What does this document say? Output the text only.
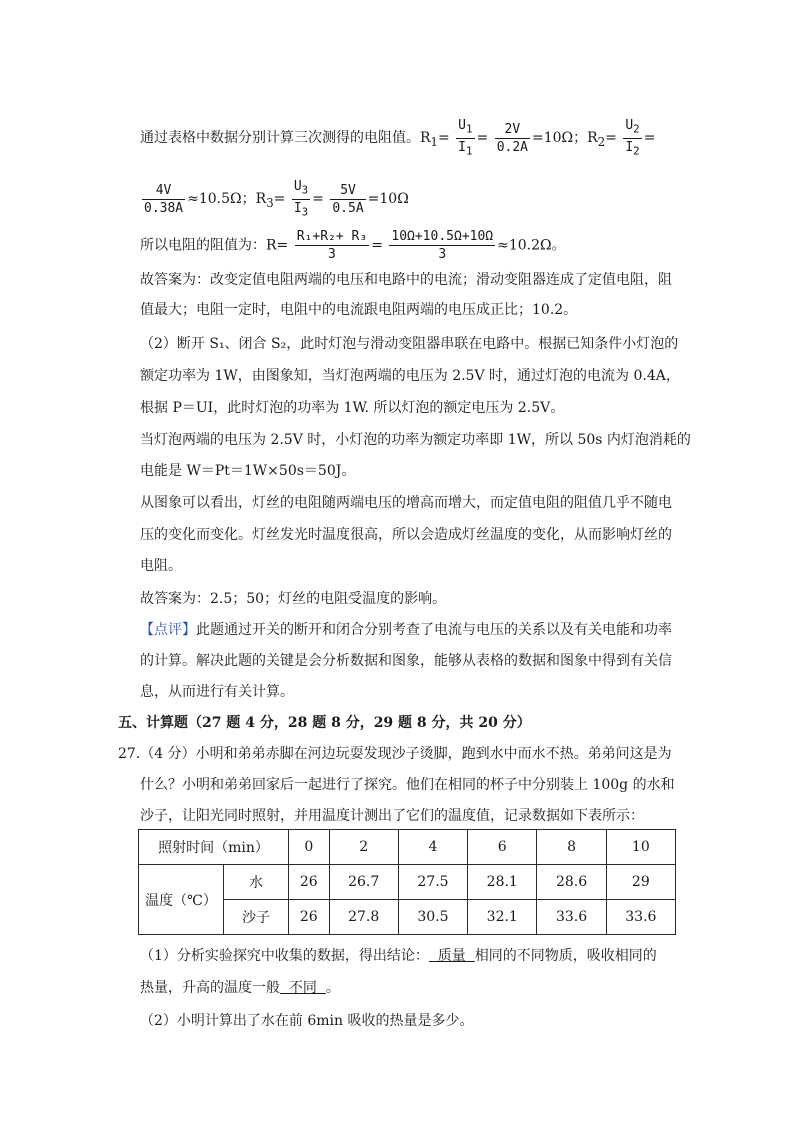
通过表格中数据分别计算三次测得的电阻值。$R_1= \frac{U_1}{I_1} = \frac{2V}{0.2A} =10\Omega$；$R_2= \frac{U_2}{I_2}$ =
$\frac{4V}{0.38A} \approx 10.5\Omega$；$R_3= \frac{U_3}{I_3} = \frac{5V}{0.5A} =10\Omega$
所以电阻的阻值为：$R= \frac{\text{R₁+R₂+ R₃}}{3} = \frac{10\Omega+10.5\Omega+10\Omega}{3} \approx 10.2\Omega$。
故答案为：改变定值电阻两端的电压和电路中的电流；滑动变阻器连成了定值电阻，阻
值最大；电阻一定时，电阻中的电流跟电阻两端的电压成正比；10.2。
（2）断开 S₁、闭合 S₂，此时灯泡与滑动变阻器串联在电路中。根据已知条件小灯泡的
额定功率为 1W，由图象知，当灯泡两端的电压为 2.5V 时，通过灯泡的电流为 0.4A，
根据 P＝UI，此时灯泡的功率为 1W. 所以灯泡的额定电压为 2.5V。
当灯泡两端的电压为 2.5V 时，小灯泡的功率为额定功率即 1W，所以 50s 内灯泡消耗的
电能是 W＝Pt＝1W×50s＝50J。
从图象可以看出，灯丝的电阻随两端电压的增高而增大，而定值电阻的阻值几乎不随电
压的变化而变化。灯丝发光时温度很高，所以会造成灯丝温度的变化，从而影响灯丝的
电阻。
故答案为：2.5；50；灯丝的电阻受温度的影响。
【点评】此题通过开关的断开和闭合分别考查了电流与电压的关系以及有关电能和功率
的计算。解决此题的关键是会分析数据和图象，能够从表格的数据和图象中得到有关信
息，从而进行有关计算。
五、计算题（27 题 4 分，28 题 8 分，29 题 8 分，共 20 分）
27.（4 分）小明和弟弟赤脚在河边玩耍发现沙子烫脚，跑到水中而水不热。弟弟问这是为
什么？小明和弟弟回家后一起进行了探究。他们在相同的杯子中分别装上 100g 的水和
沙子，让阳光同时照射，并用温度计测出了它们的温度值，记录数据如下表所示：
照射时间（min）		0	2	4	6	8	10
温度（℃）	水	26	26.7	27.5	28.1	28.6	29
	沙子	26	27.8	30.5	32.1	33.6	33.6
（1）分析实验探究中收集的数据，得出结论：  质量  相同的不同物质，吸收相同的
热量，升高的温度一般  不同  。
（2）小明计算出了水在前 6min 吸收的热量是多少。
